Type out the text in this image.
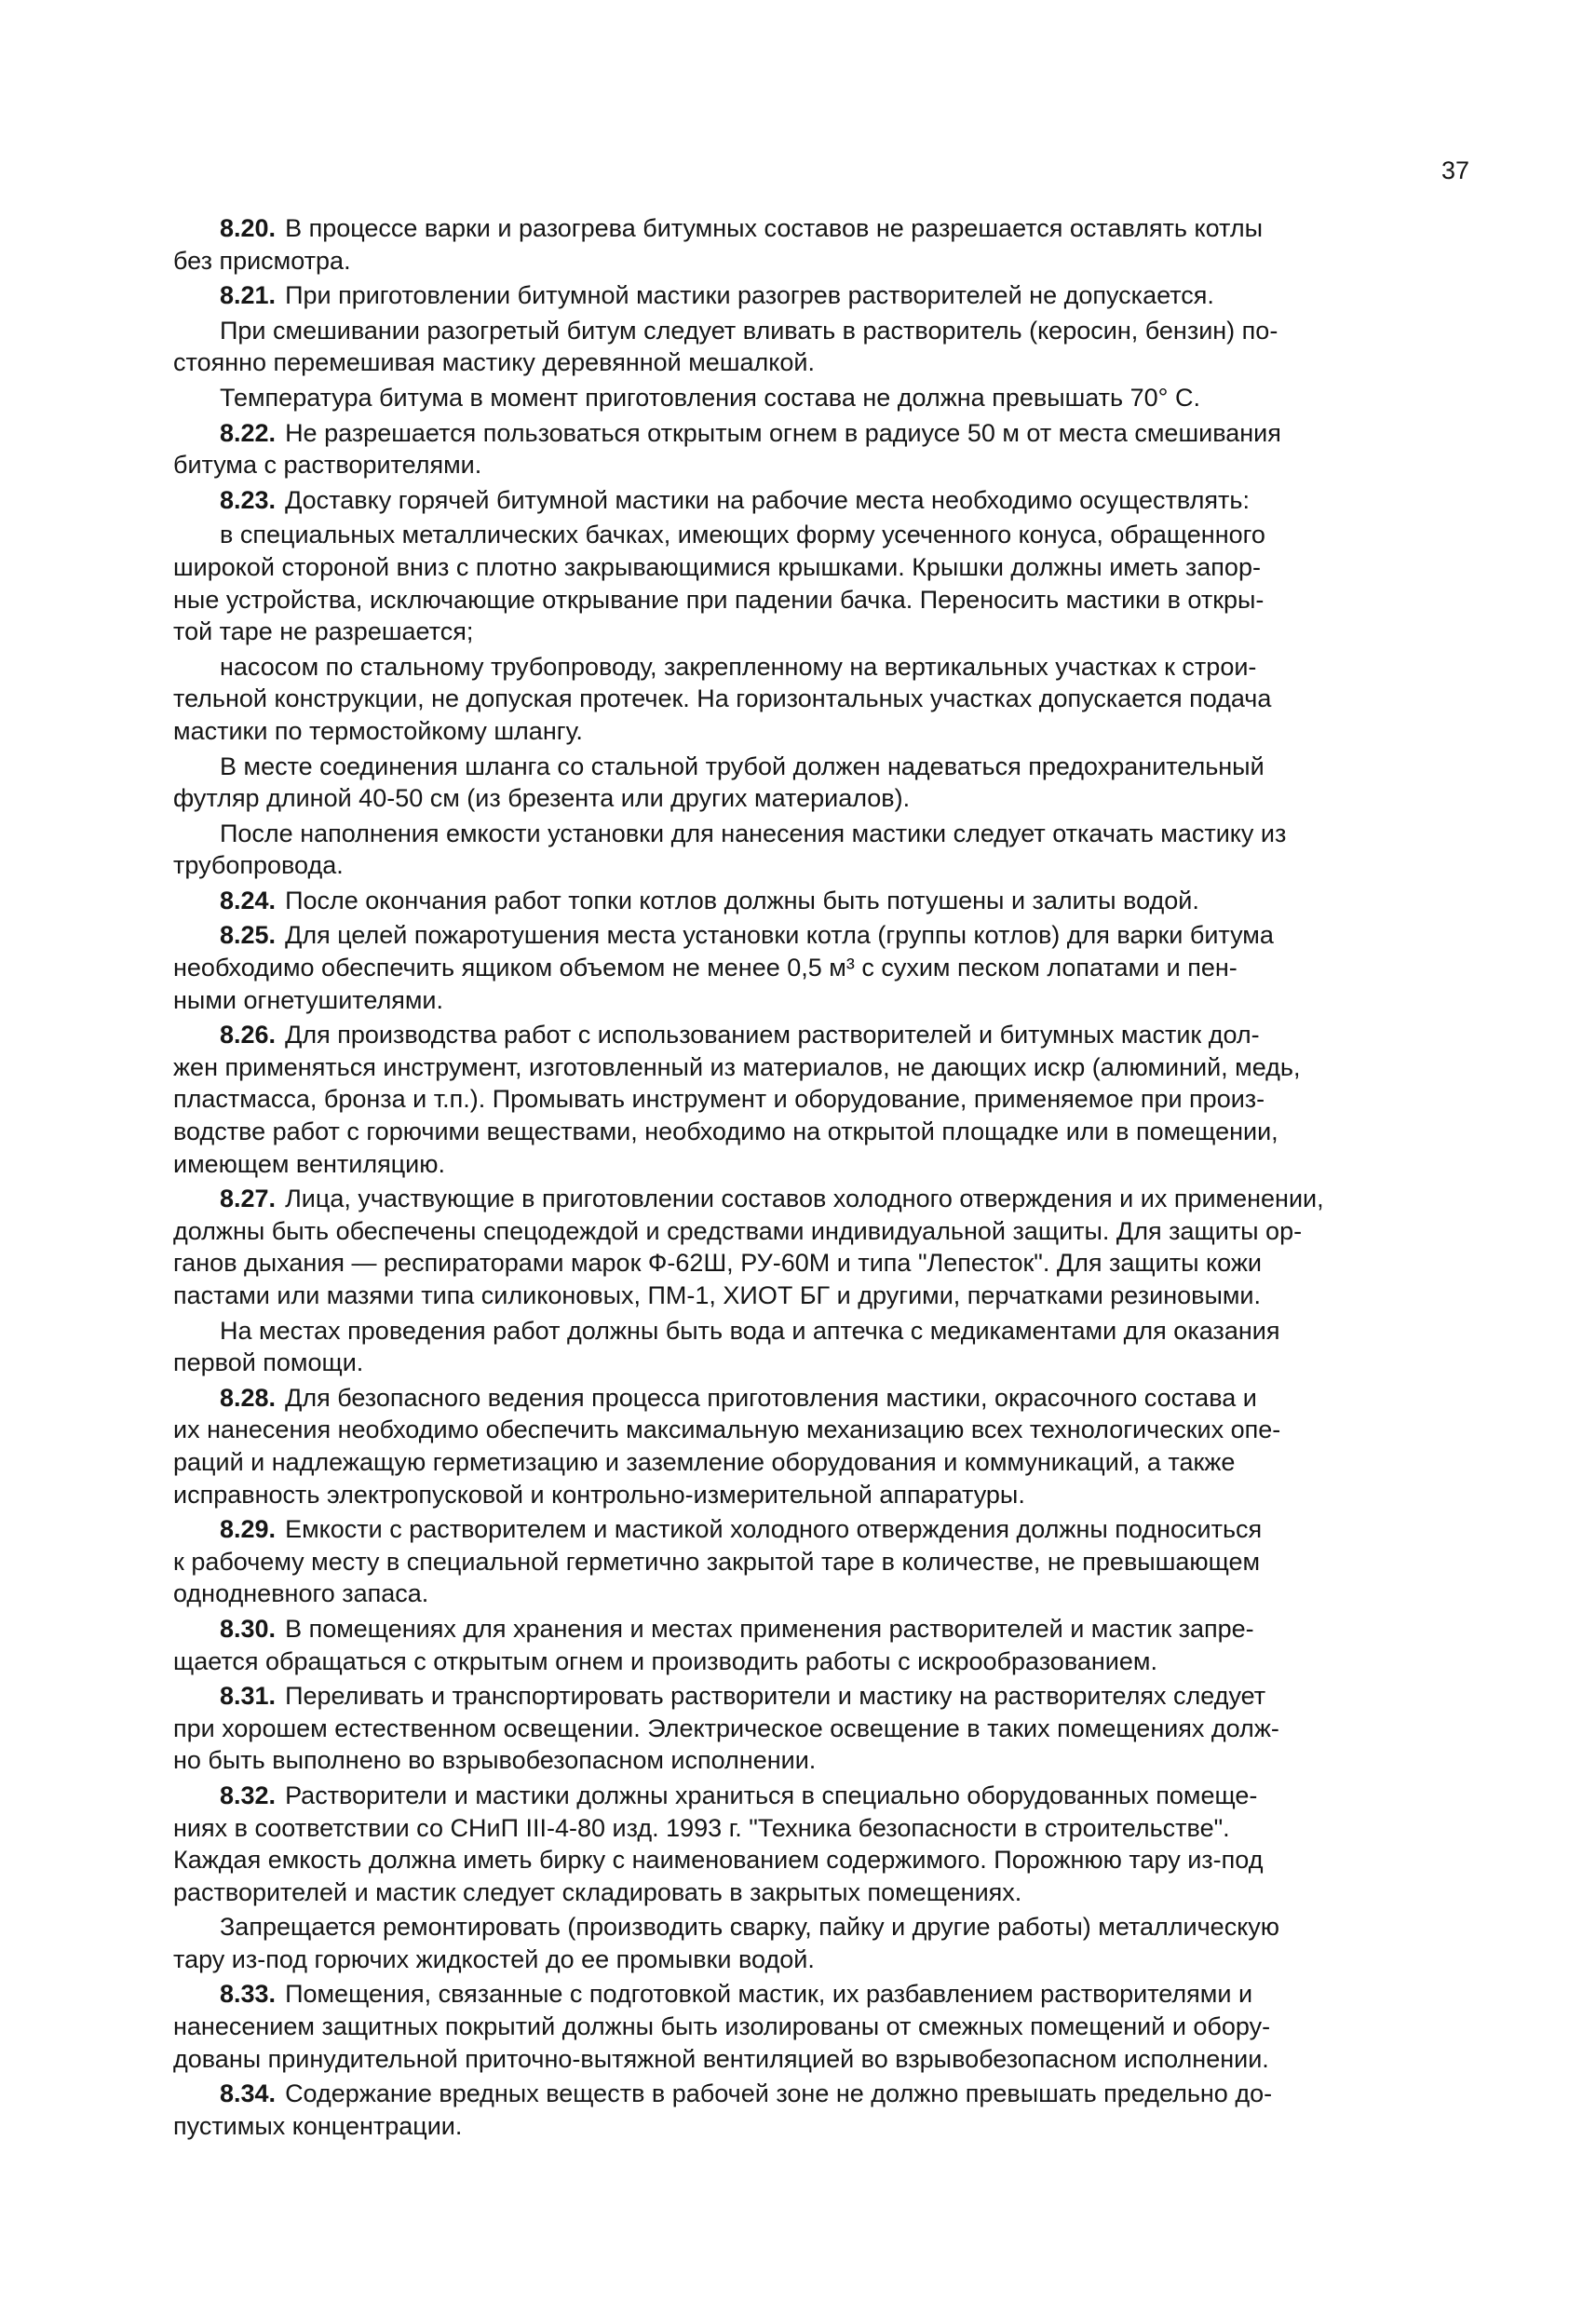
37
8.20. В процессе варки и разогрева битумных составов не разрешается оставлять котлы
без присмотра.
8.21. При приготовлении битумной мастики разогрев растворителей не допускается.
При смешивании разогретый битум следует вливать в растворитель (керосин, бензин) по-
стоянно перемешивая мастику деревянной мешалкой.
Температура битума в момент приготовления состава не должна превышать 70° С.
8.22. Не разрешается пользоваться открытым огнем в радиусе 50 м от места смешивания
битума с растворителями.
8.23. Доставку горячей битумной мастики на рабочие места необходимо осуществлять:
в специальных металлических бачках, имеющих форму усеченного конуса, обращенного
широкой стороной вниз с плотно закрывающимися крышками. Крышки должны иметь запор-
ные устройства, исключающие открывание при падении бачка. Переносить мастики в откры-
той таре не разрешается;
насосом по стальному трубопроводу, закрепленному на вертикальных участках к строи-
тельной конструкции, не допуская протечек. На горизонтальных участках допускается подача
мастики по термостойкому шлангу.
В месте соединения шланга со стальной трубой должен надеваться предохранительный
футляр длиной 40-50 см (из брезента или других материалов).
После наполнения емкости установки для нанесения мастики следует откачать мастику из
трубопровода.
8.24. После окончания работ топки котлов должны быть потушены и залиты водой.
8.25. Для целей пожаротушения места установки котла (группы котлов) для варки битума
необходимо обеспечить ящиком объемом не менее 0,5 м³ с сухим песком лопатами и пен-
ными огнетушителями.
8.26. Для производства работ с использованием растворителей и битумных мастик дол-
жен применяться инструмент, изготовленный из материалов, не дающих искр (алюминий, медь,
пластмасса, бронза и т.п.). Промывать инструмент и оборудование, применяемое при произ-
водстве работ с горючими веществами, необходимо на открытой площадке или в помещении,
имеющем вентиляцию.
8.27. Лица, участвующие в приготовлении составов холодного отверждения и их применении,
должны быть обеспечены спецодеждой и средствами индивидуальной защиты. Для защиты ор-
ганов дыхания — респираторами марок Ф-62Ш, РУ-60М и типа "Лепесток". Для защиты кожи
пастами или мазями типа силиконовых, ПМ-1, ХИОТ БГ и другими, перчатками резиновыми.
На местах проведения работ должны быть вода и аптечка с медикаментами для оказания
первой помощи.
8.28. Для безопасного ведения процесса приготовления мастики, окрасочного состава и
их нанесения необходимо обеспечить максимальную механизацию всех технологических опе-
раций и надлежащую герметизацию и заземление оборудования и коммуникаций, а также
исправность электропусковой и контрольно-измерительной аппаратуры.
8.29. Емкости с растворителем и мастикой холодного отверждения должны подноситься
к рабочему месту в специальной герметично закрытой таре в количестве, не превышающем
однодневного запаса.
8.30. В помещениях для хранения и местах применения растворителей и мастик запре-
щается обращаться с открытым огнем и производить работы с искрообразованием.
8.31. Переливать и транспортировать растворители и мастику на растворителях следует
при хорошем естественном освещении. Электрическое освещение в таких помещениях долж-
но быть выполнено во взрывобезопасном исполнении.
8.32. Растворители и мастики должны храниться в специально оборудованных помеще-
ниях в соответствии со СНиП III-4-80 изд. 1993 г. "Техника безопасности в строительстве".
Каждая емкость должна иметь бирку с наименованием содержимого. Порожнюю тару из-под
растворителей и мастик следует складировать в закрытых помещениях.
Запрещается ремонтировать (производить сварку, пайку и другие работы) металлическую
тару из-под горючих жидкостей до ее промывки водой.
8.33. Помещения, связанные с подготовкой мастик, их разбавлением растворителями и
нанесением защитных покрытий должны быть изолированы от смежных помещений и обору-
дованы принудительной приточно-вытяжной вентиляцией во взрывобезопасном исполнении.
8.34. Содержание вредных веществ в рабочей зоне не должно превышать предельно до-
пустимых концентрации.
